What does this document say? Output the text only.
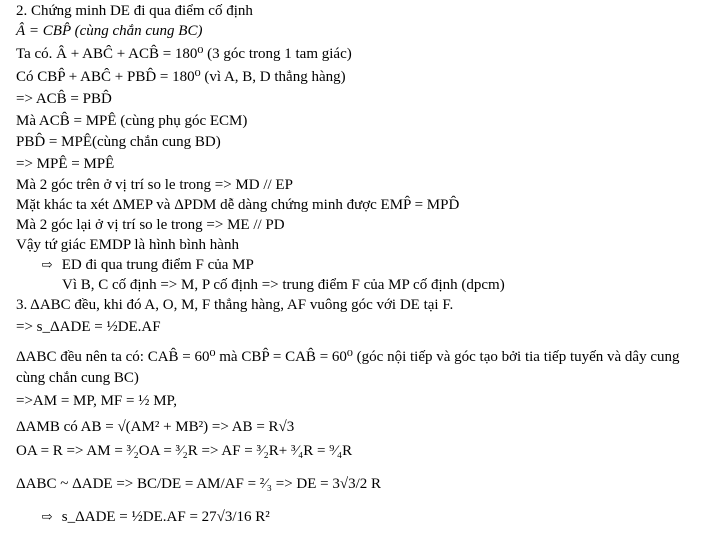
2. Chứng minh DE đi qua điểm cố định
Â = CBP̂ (cùng chắn cung BC)
Ta có. Â + ABĈ + ACB̂ = 180⁰ (3 góc trong 1 tam giác)
Có CBP̂ + ABĈ + PBD̂ = 180⁰ (vì A, B, D thẳng hàng)
=> ACB̂ = PBD̂
Mà ACB̂ = MPÊ (cùng phụ góc ECM)
PBD̂ = MPÊ(cùng chắn cung BD)
=> MPÊ = MPÊ
Mà 2 góc trên ở vị trí so le trong => MD // EP
Mặt khác ta xét ΔMEP và ΔPDM dễ dàng chứng minh được EMP̂ = MPD̂
Mà 2 góc lại ở vị trí so le trong => ME // PD
Vậy tứ giác EMDP là hình bình hành
⇨ ED đi qua trung điểm F của MP
Vì B, C cố định => M, P cố định => trung điểm F của MP cố định (dpcm)
3. ΔABC đều, khi đó A, O, M, F thẳng hàng, AF vuông góc với DE tại F.
=> s_ΔADE = ½DE.AF
ΔABC đều nên ta có: CAB̂ = 60⁰ mà CBP̂ = CAB̂ = 60⁰ (góc nội tiếp và góc tạo bởi tia tiếp tuyến và dây cung
cùng chắn cung BC)
=>AM = MP, MF = ½ MP,
ΔAMB có AB = √(AM² + MB²) => AB = R√3
OA = R => AM = ³⁄₂OA = ³⁄₂R => AF = ³⁄₂R+ ³⁄₄R = ⁹⁄₄R
ΔABC ~ ΔADE => BC/DE = AM/AF = ²⁄₃ => DE = 3√3/2 R
⇨ s_ΔADE = ½DE.AF = 27√3/16 R²
